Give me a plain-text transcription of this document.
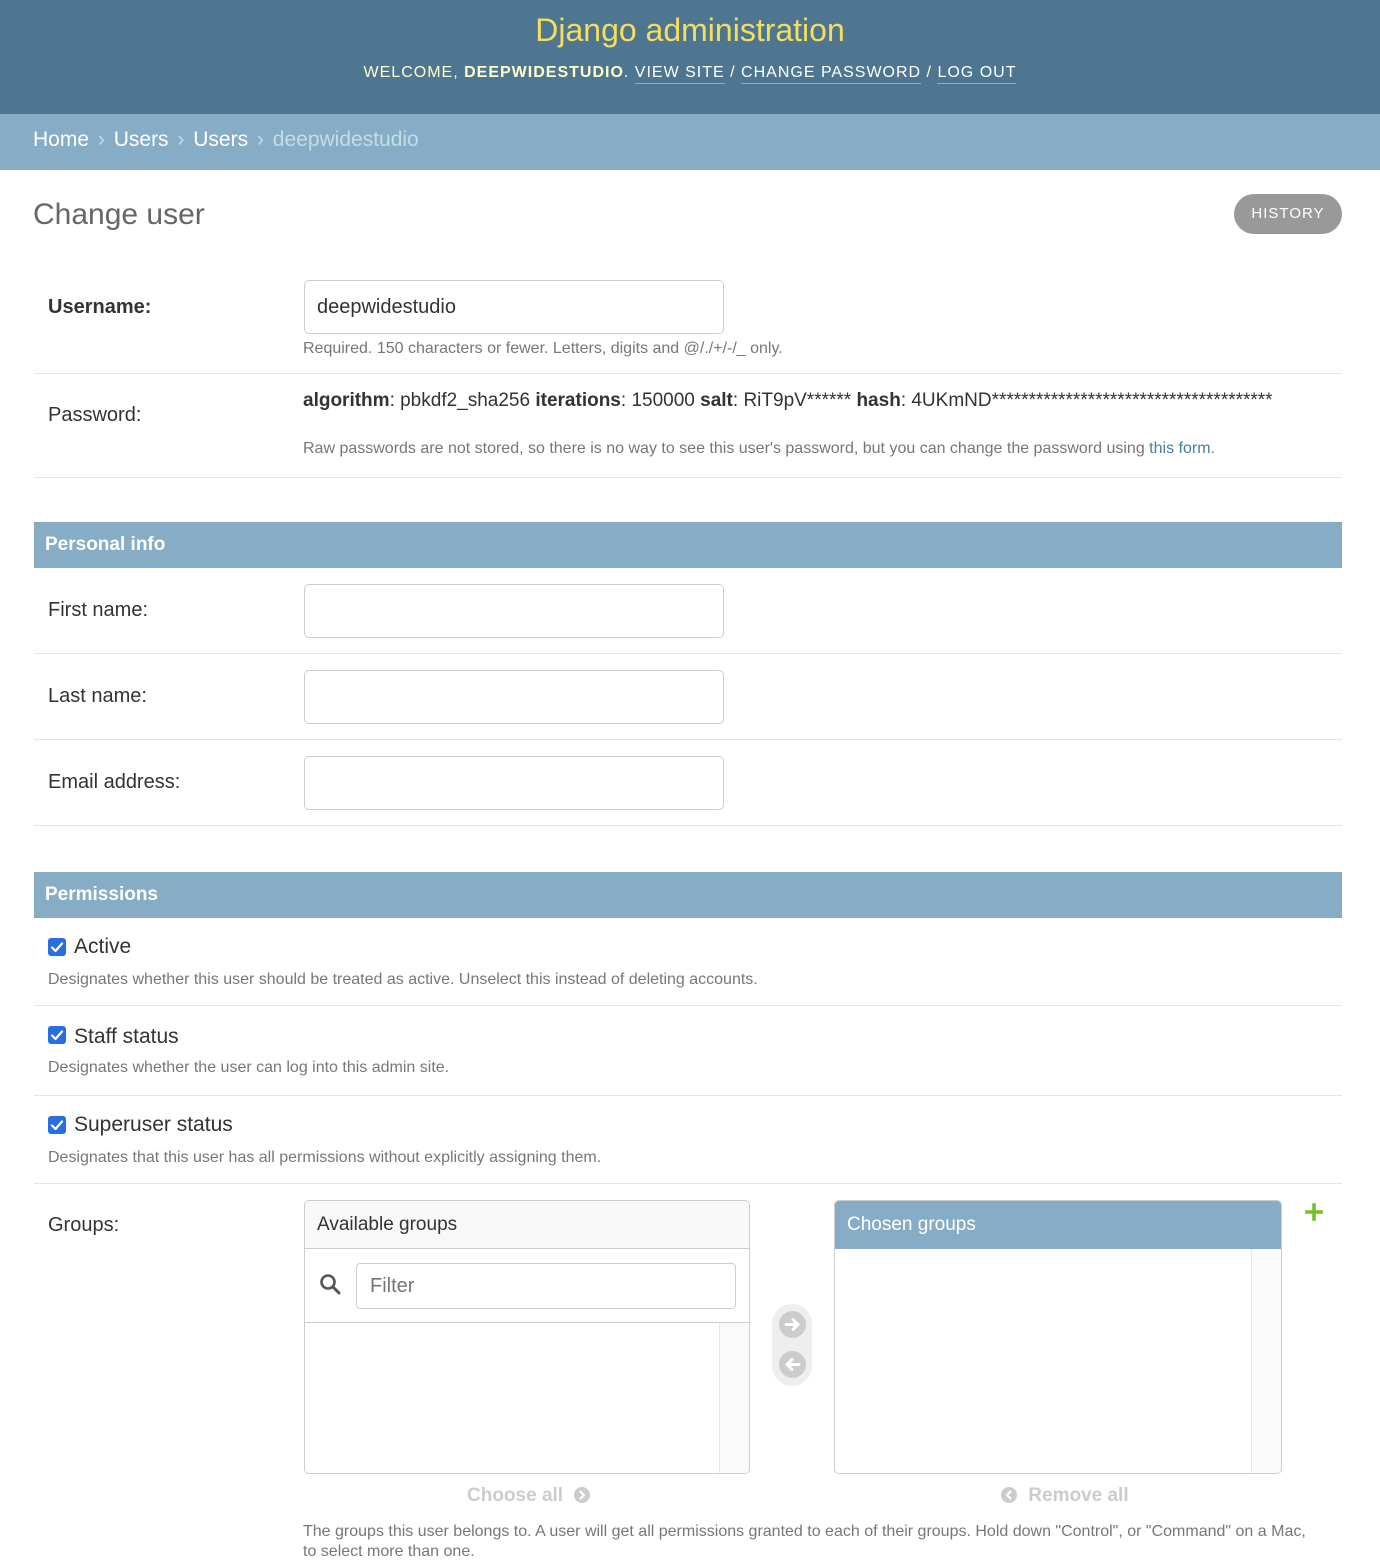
Django administration
WELCOME, DEEPWIDESTUDIO. VIEW SITE / CHANGE PASSWORD / LOG OUT
Home › Users › Users › deepwidestudio
Change user	HISTORY
Username:
deepwidestudio
Required. 150 characters or fewer. Letters, digits and @/./+/-/_ only.
Password:
algorithm: pbkdf2_sha256 iterations: 150000 salt: RiT9pV****** hash: 4UKmND**************************************
Raw passwords are not stored, so there is no way to see this user's password, but you can change the password using this form.
Personal info
First name:
Last name:
Email address:
Permissions
Active
Designates whether this user should be treated as active. Unselect this instead of deleting accounts.
Staff status
Designates whether the user can log into this admin site.
Superuser status
Designates that this user has all permissions without explicitly assigning them.
Groups:	Available groups
Filter	Chosen groups
Choose all	Remove all
The groups this user belongs to. A user will get all permissions granted to each of their groups. Hold down "Control", or "Command" on a Mac, to select more than one.
